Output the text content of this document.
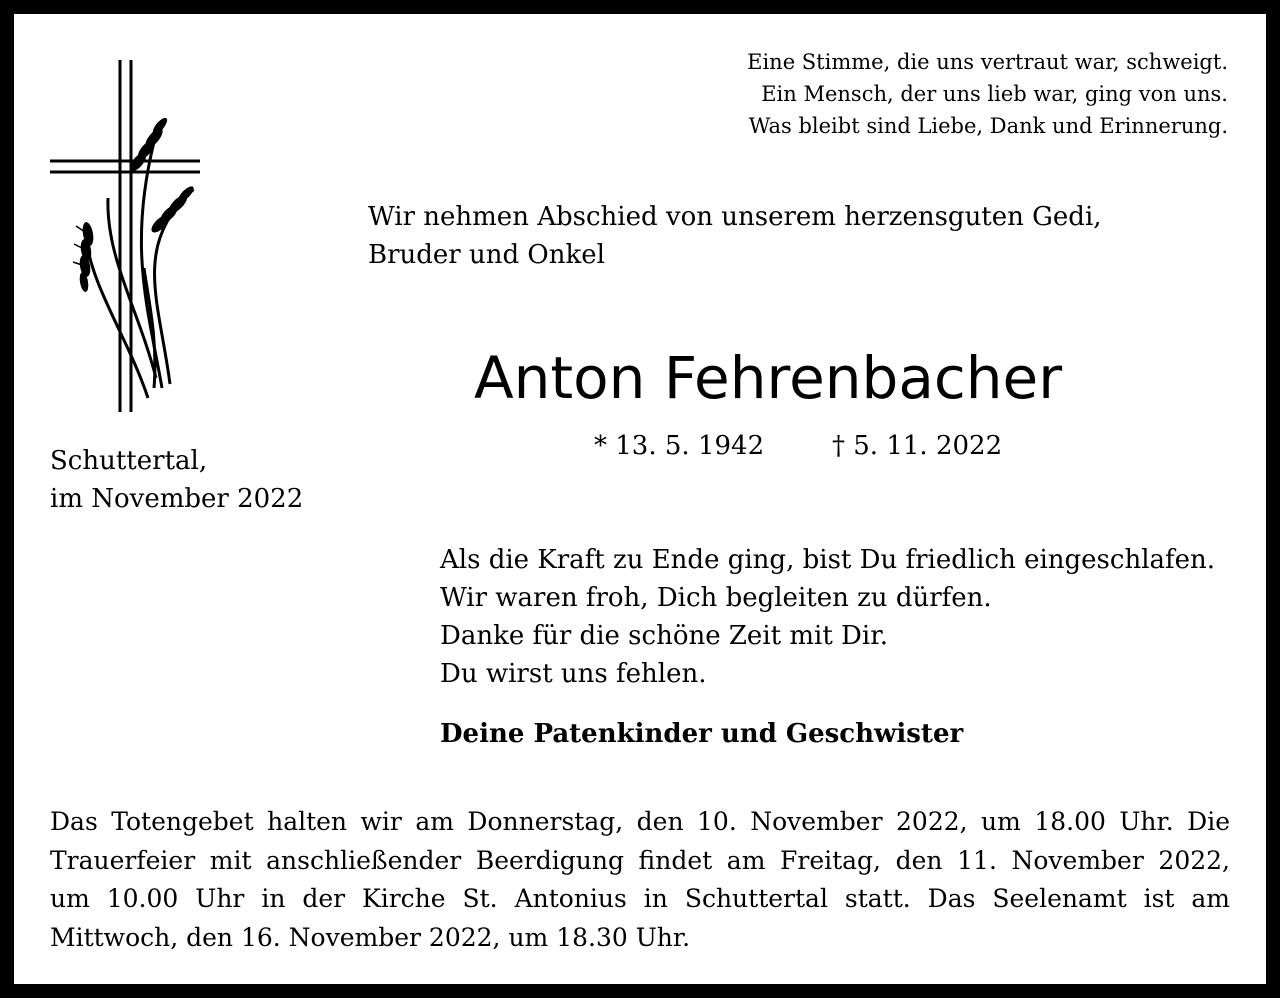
Eine Stimme, die uns vertraut war, schweigt.
Ein Mensch, der uns lieb war, ging von uns.
Was bleibt sind Liebe, Dank und Erinnerung.
Wir nehmen Abschied von unserem herzensguten Gedi,
Bruder und Onkel
Anton Fehrenbacher
* 13. 5. 1942	† 5. 11. 2022
Schuttertal,
im November 2022
Als die Kraft zu Ende ging, bist Du friedlich eingeschlafen.
Wir waren froh, Dich begleiten zu dürfen.
Danke für die schöne Zeit mit Dir.
Du wirst uns fehlen.
Deine Patenkinder und Geschwister
Das Totengebet halten wir am Donnerstag, den 10. November 2022, um 18.00 Uhr. Die
Trauerfeier mit anschließender Beerdigung findet am Freitag, den 11. November 2022,
um 10.00 Uhr in der Kirche St. Antonius in Schuttertal statt. Das Seelenamt ist am
Mittwoch, den 16. November 2022, um 18.30 Uhr.
